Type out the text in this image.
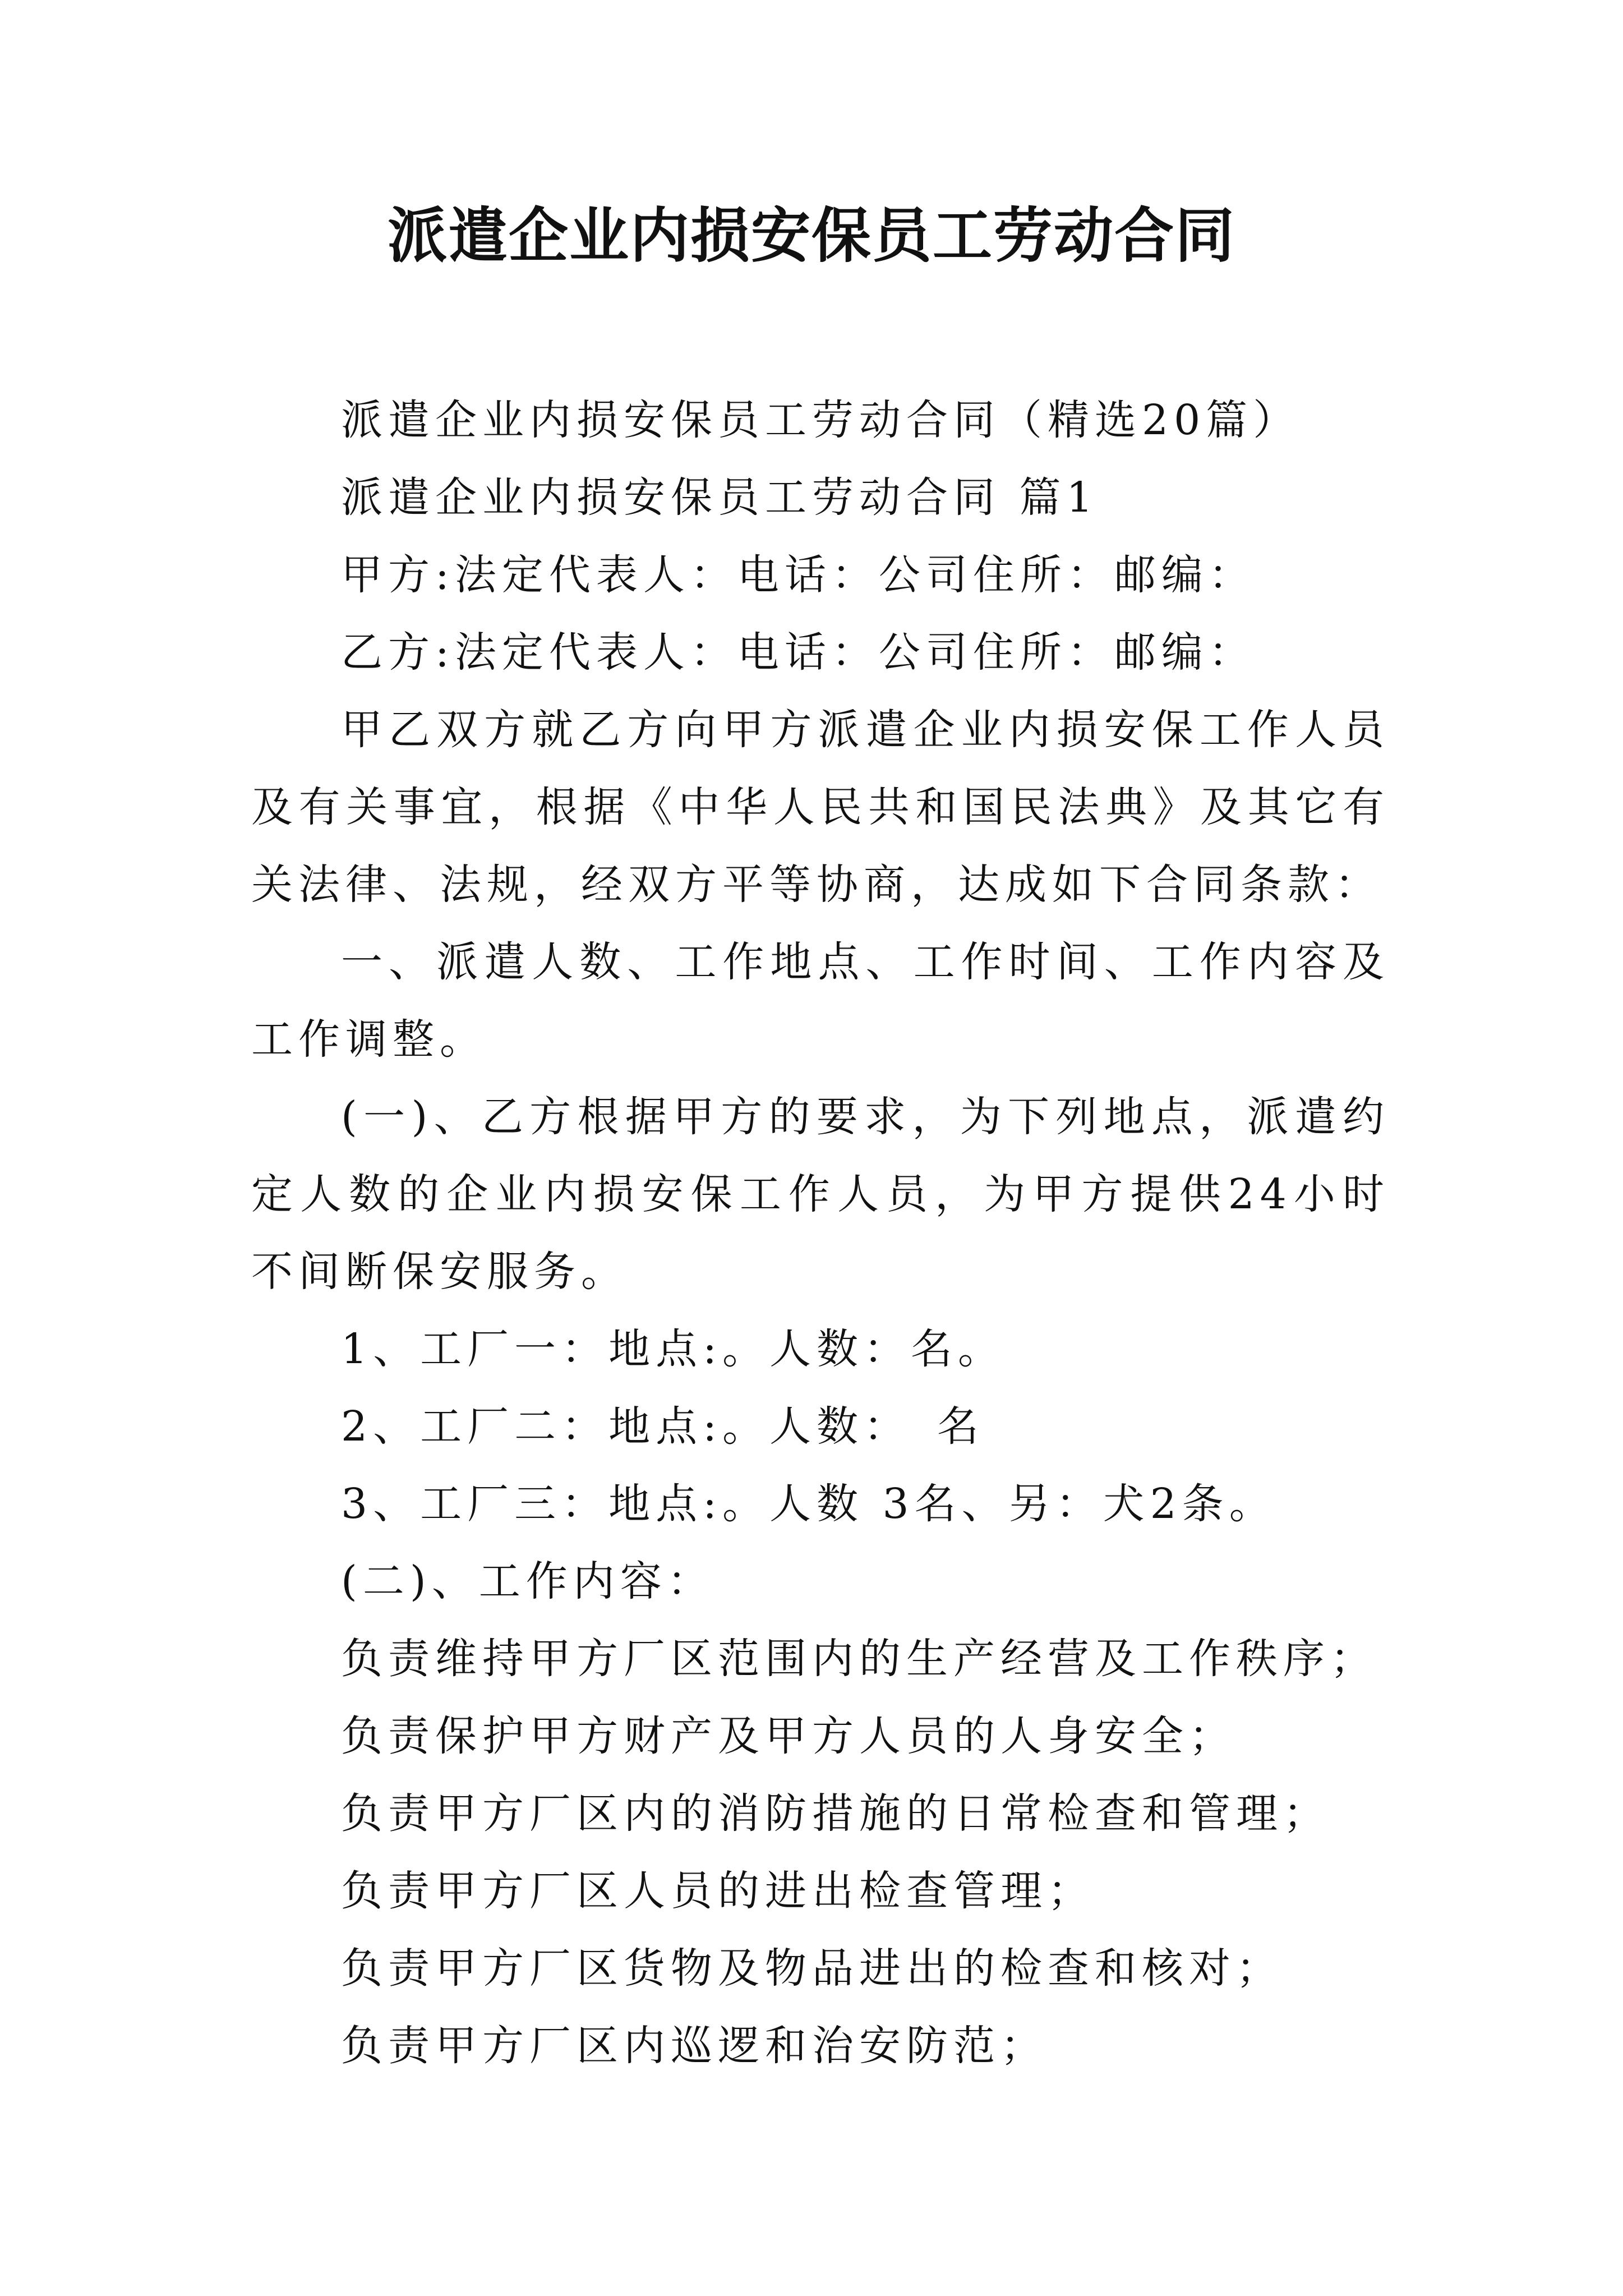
派遣企业内损安保员工劳动合同

派遣企业内损安保员工劳动合同（精选20篇）

派遣企业内损安保员工劳动合同 篇1

甲方:法定代表人：电话：公司住所：邮编：

乙方:法定代表人：电话：公司住所：邮编：

甲乙双方就乙方向甲方派遣企业内损安保工作人员及有关事宜，根据《中华人民共和国民法典》及其它有关法律、法规，经双方平等协商，达成如下合同条款：

一、派遣人数、工作地点、工作时间、工作内容及工作调整。

(一)、乙方根据甲方的要求，为下列地点，派遣约定人数的企业内损安保工作人员，为甲方提供24小时不间断保安服务。

1、工厂一：地点:。人数：名。

2、工厂二：地点:。人数：　名

3、工厂三：地点:。人数 3名、另：犬2条。

(二)、工作内容：

负责维持甲方厂区范围内的生产经营及工作秩序；

负责保护甲方财产及甲方人员的人身安全；

负责甲方厂区内的消防措施的日常检查和管理；

负责甲方厂区人员的进出检查管理；

负责甲方厂区货物及物品进出的检查和核对；

负责甲方厂区内巡逻和治安防范；
